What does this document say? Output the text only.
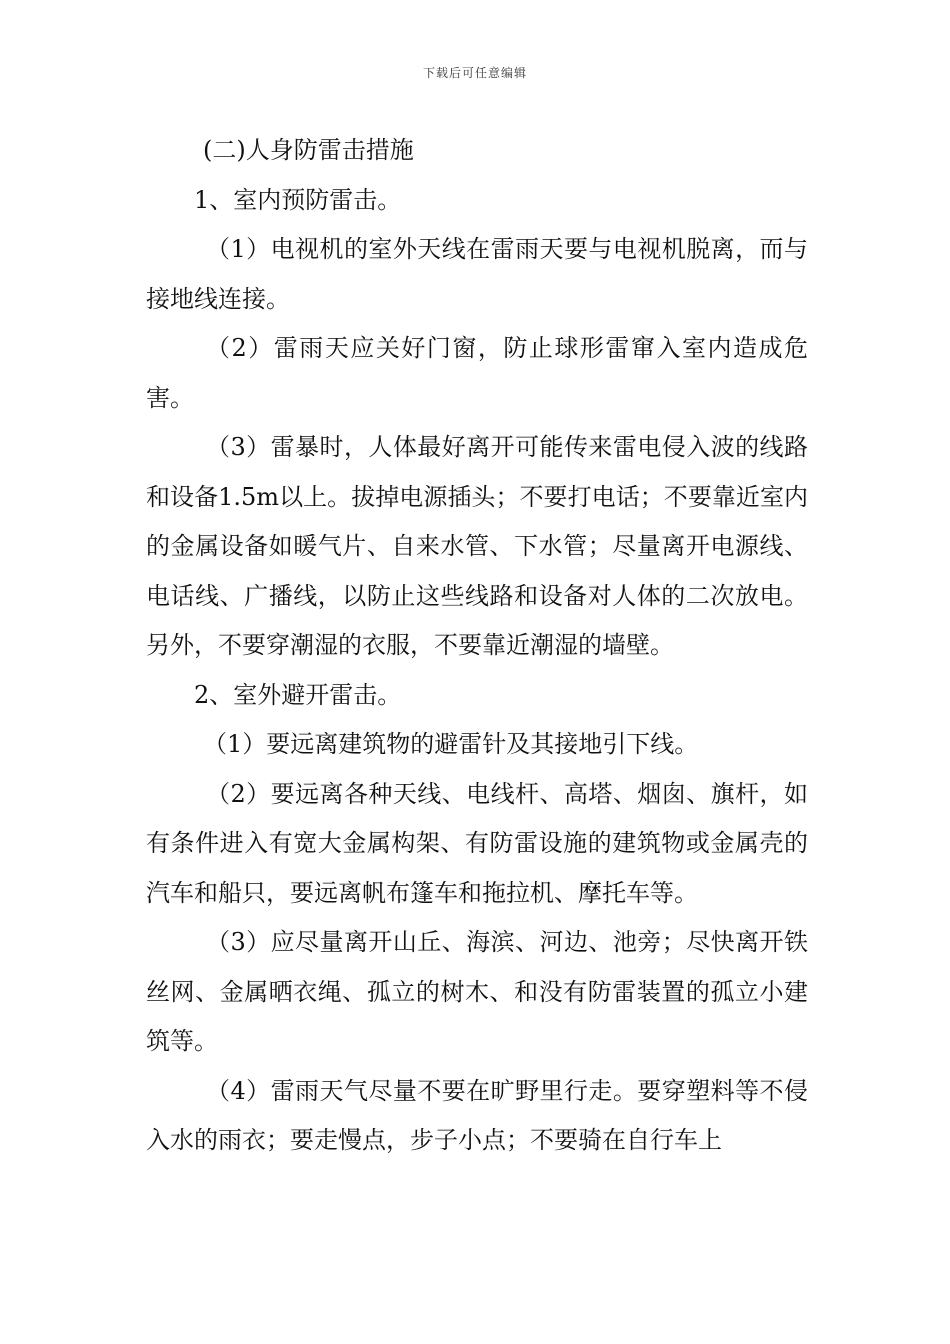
下载后可任意编辑

(二)人身防雷击措施

1、室内预防雷击。

（1）电视机的室外天线在雷雨天要与电视机脱离，而与接地线连接。

（2）雷雨天应关好门窗，防止球形雷窜入室内造成危害。

（3）雷暴时，人体最好离开可能传来雷电侵入波的线路和设备1.5m以上。拔掉电源插头；不要打电话；不要靠近室内的金属设备如暖气片、自来水管、下水管；尽量离开电源线、电话线、广播线，以防止这些线路和设备对人体的二次放电。另外，不要穿潮湿的衣服，不要靠近潮湿的墙壁。

2、室外避开雷击。

（1）要远离建筑物的避雷针及其接地引下线。

（2）要远离各种天线、电线杆、高塔、烟囱、旗杆，如有条件进入有宽大金属构架、有防雷设施的建筑物或金属壳的汽车和船只，要远离帆布篷车和拖拉机、摩托车等。

（3）应尽量离开山丘、海滨、河边、池旁；尽快离开铁丝网、金属晒衣绳、孤立的树木、和没有防雷装置的孤立小建筑等。

（4）雷雨天气尽量不要在旷野里行走。要穿塑料等不侵入水的雨衣；要走慢点，步子小点；不要骑在自行车上
